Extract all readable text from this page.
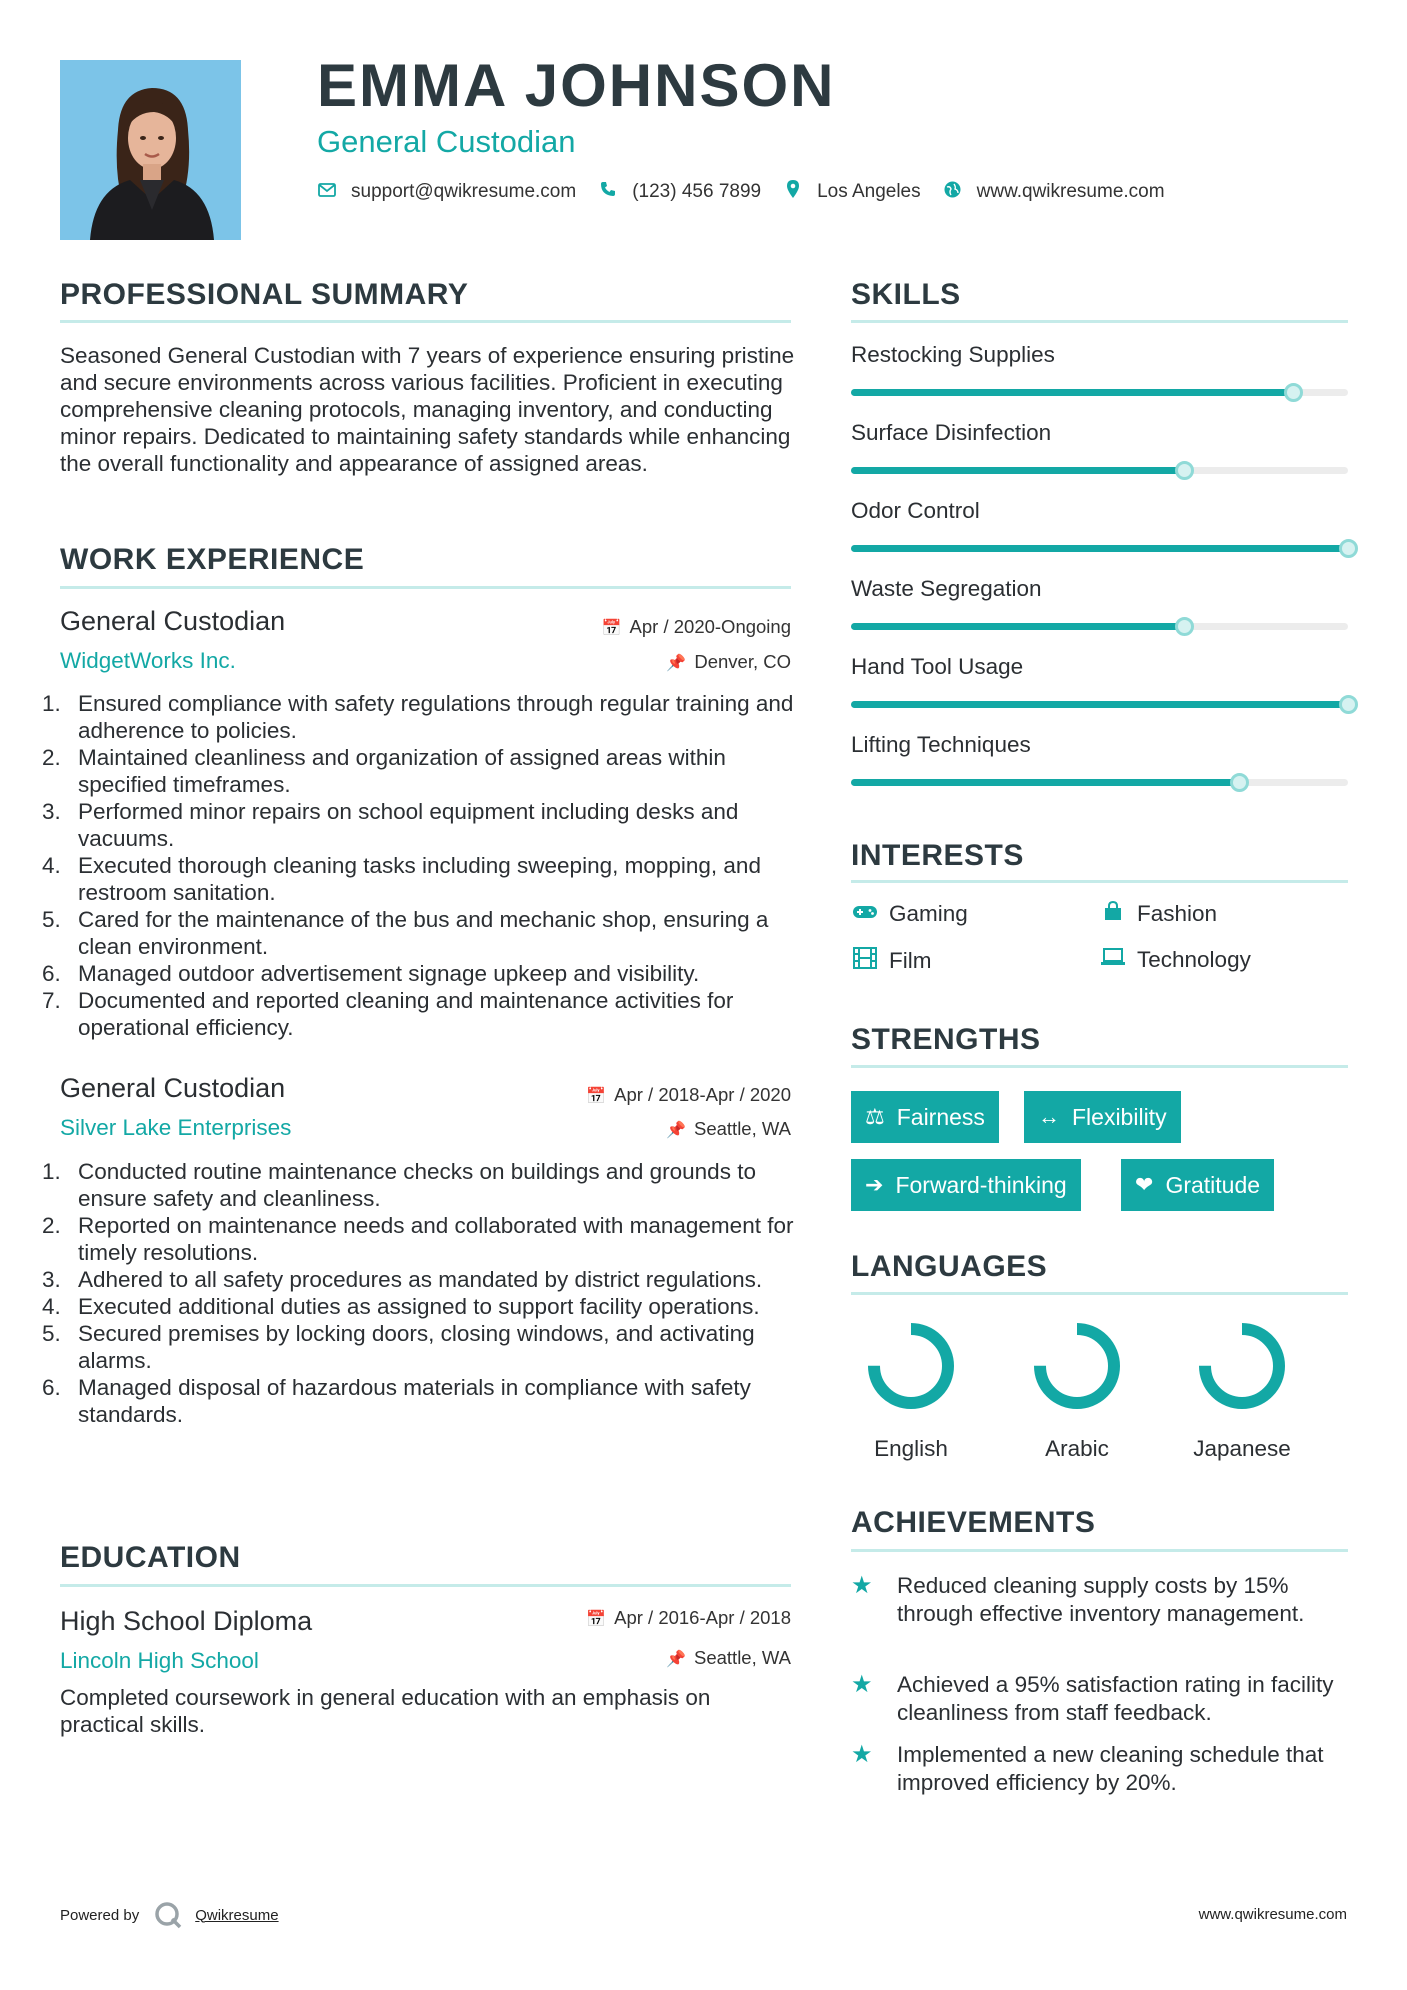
EMMA JOHNSON
General Custodian
support@qwikresume.com	(123) 456 7899	Los Angeles	www.qwikresume.com
PROFESSIONAL SUMMARY
Seasoned General Custodian with 7 years of experience ensuring pristine and secure environments across various facilities. Proficient in executing comprehensive cleaning protocols, managing inventory, and conducting minor repairs. Dedicated to maintaining safety standards while enhancing the overall functionality and appearance of assigned areas.
WORK EXPERIENCE
General Custodian	📅 Apr / 2020-Ongoing
WidgetWorks Inc.	📌 Denver, CO
1. Ensured compliance with safety regulations through regular training and adherence to policies.
2. Maintained cleanliness and organization of assigned areas within specified timeframes.
3. Performed minor repairs on school equipment including desks and vacuums.
4. Executed thorough cleaning tasks including sweeping, mopping, and restroom sanitation.
5. Cared for the maintenance of the bus and mechanic shop, ensuring a clean environment.
6. Managed outdoor advertisement signage upkeep and visibility.
7. Documented and reported cleaning and maintenance activities for operational efficiency.
General Custodian	📅 Apr / 2018-Apr / 2020
Silver Lake Enterprises	📌 Seattle, WA
1. Conducted routine maintenance checks on buildings and grounds to ensure safety and cleanliness.
2. Reported on maintenance needs and collaborated with management for timely resolutions.
3. Adhered to all safety procedures as mandated by district regulations.
4. Executed additional duties as assigned to support facility operations.
5. Secured premises by locking doors, closing windows, and activating alarms.
6. Managed disposal of hazardous materials in compliance with safety standards.
EDUCATION
High School Diploma	📅 Apr / 2016-Apr / 2018
Lincoln High School	📌 Seattle, WA
Completed coursework in general education with an emphasis on practical skills.
SKILLS
Restocking Supplies
Surface Disinfection
Odor Control
Waste Segregation
Hand Tool Usage
Lifting Techniques
INTERESTS
Gaming	Fashion
Film	Technology
STRENGTHS
⚖ Fairness ↔ Flexibility
➔ Forward-thinking	❤ Gratitude
LANGUAGES
English	Arabic	Japanese
ACHIEVEMENTS
★	Reduced cleaning supply costs by 15% through effective inventory management.
★	Achieved a 95% satisfaction rating in facility cleanliness from staff feedback.
★	Implemented a new cleaning schedule that improved efficiency by 20%.
Powered by	Qwikresume	www.qwikresume.com
